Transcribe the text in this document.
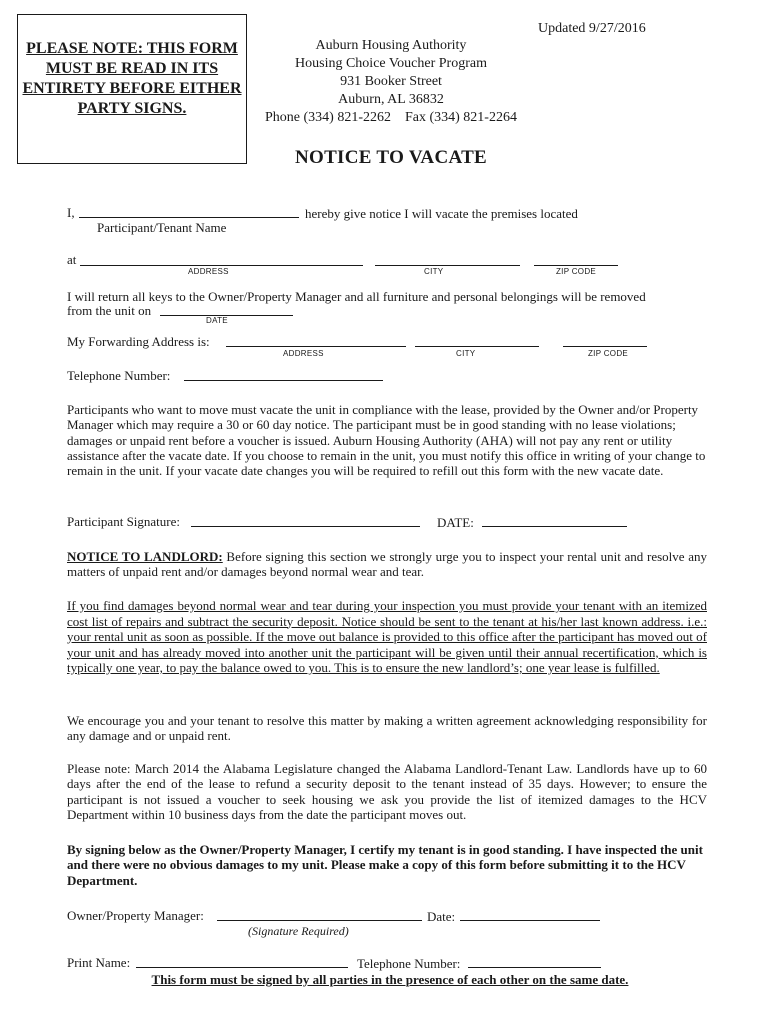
Updated 9/27/2016
PLEASE NOTE: THIS FORM MUST BE READ IN ITS ENTIRETY BEFORE EITHER PARTY SIGNS.
Auburn Housing Authority
Housing Choice Voucher Program
931 Booker Street
Auburn, AL 36832
Phone (334) 821-2262    Fax (334) 821-2264
NOTICE TO VACATE
I,	hereby give notice I will vacate the premises located
Participant/Tenant Name
at
ADDRESS	CITY	ZIP CODE
I will return all keys to the Owner/Property Manager and all furniture and personal belongings will be removed
from the unit on
DATE
My Forwarding Address is:
ADDRESS	CITY	ZIP CODE
Telephone Number:
Participants who want to move must vacate the unit in compliance with the lease, provided by the Owner and/or Property Manager which may require a 30 or 60 day notice. The participant must be in good standing with no lease violations; damages or unpaid rent before a voucher is issued. Auburn Housing Authority (AHA) will not pay any rent or utility assistance after the vacate date. If you choose to remain in the unit, you must notify this office in writing of your change to remain in the unit. If your vacate date changes you will be required to refill out this form with the new vacate date.
Participant Signature:	DATE:
NOTICE TO LANDLORD: Before signing this section we strongly urge you to inspect your rental unit and resolve any matters of unpaid rent and/or damages beyond normal wear and tear.
If you find damages beyond normal wear and tear during your inspection you must provide your tenant with an itemized cost list of repairs and subtract the security deposit. Notice should be sent to the tenant at his/her last known address. i.e.: your rental unit as soon as possible. If the move out balance is provided to this office after the participant has moved out of your unit and has already moved into another unit the participant will be given until their annual recertification, which is typically one year, to pay the balance owed to you. This is to ensure the new landlord’s; one year lease is fulfilled.
We encourage you and your tenant to resolve this matter by making a written agreement acknowledging responsibility for any damage and or unpaid rent.
Please note: March 2014 the Alabama Legislature changed the Alabama Landlord-Tenant Law. Landlords have up to 60 days after the end of the lease to refund a security deposit to the tenant instead of 35 days. However; to ensure the participant is not issued a voucher to seek housing we ask you provide the list of itemized damages to the HCV Department within 10 business days from the date the participant moves out.
By signing below as the Owner/Property Manager, I certify my tenant is in good standing. I have inspected the unit and there were no obvious damages to my unit. Please make a copy of this form before submitting it to the HCV Department.
Owner/Property Manager:	Date:
(Signature Required)
Print Name:	Telephone Number:
This form must be signed by all parties in the presence of each other on the same date.
